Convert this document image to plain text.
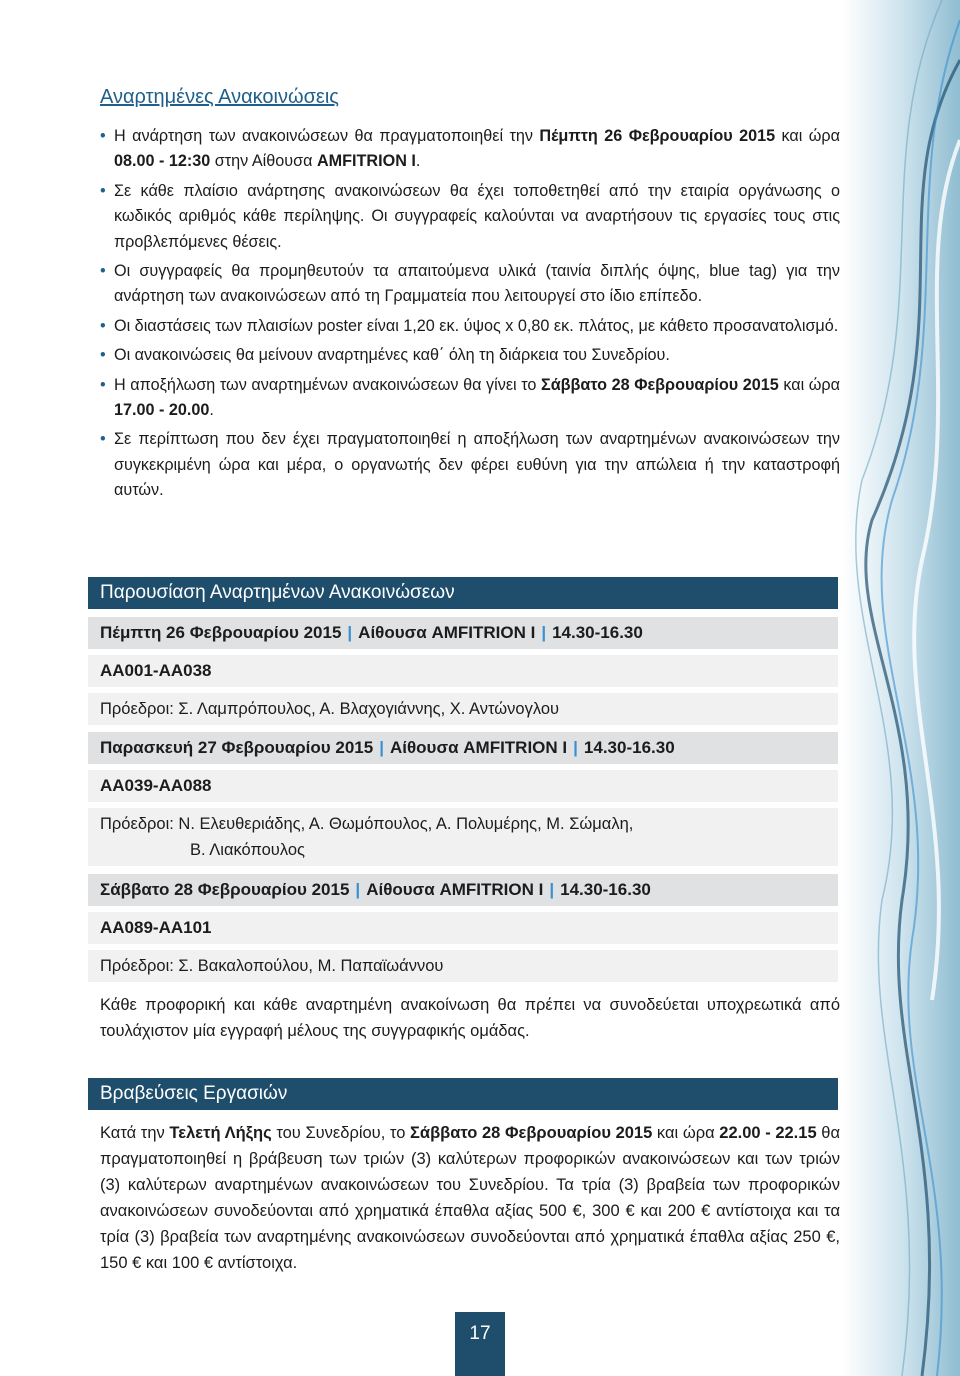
Αναρτημένες Ανακοινώσεις
• Η ανάρτηση των ανακοινώσεων θα πραγματοποιηθεί την Πέμπτη 26 Φεβρουαρίου 2015 και ώρα 08.00 - 12:30 στην Αίθουσα AMFITRION I.
• Σε κάθε πλαίσιο ανάρτησης ανακοινώσεων θα έχει τοποθετηθεί από την εταιρία οργάνωσης ο κωδικός αριθμός κάθε περίληψης. Οι συγγραφείς καλούνται να αναρτήσουν τις εργασίες τους στις προβλεπόμενες θέσεις.
• Οι συγγραφείς θα προμηθευτούν τα απαιτούμενα υλικά (ταινία διπλής όψης, blue tag) για την ανάρτηση των ανακοινώσεων από τη Γραμματεία που λειτουργεί στο ίδιο επίπεδο.
• Οι διαστάσεις των πλαισίων poster είναι 1,20 εκ. ύψος x 0,80 εκ. πλάτος, με κάθετο προσανατολισμό.
• Οι ανακοινώσεις θα μείνουν αναρτημένες καθ΄ όλη τη διάρκεια του Συνεδρίου.
• Η αποξήλωση των αναρτημένων ανακοινώσεων θα γίνει το Σάββατο 28 Φεβρουαρίου 2015 και ώρα 17.00 - 20.00.
• Σε περίπτωση που δεν έχει πραγματοποιηθεί η αποξήλωση των αναρτημένων ανακοινώσεων την συγκεκριμένη ώρα και μέρα, ο οργανωτής δεν φέρει ευθύνη για την απώλεια ή την καταστροφή αυτών.
Παρουσίαση Αναρτημένων Ανακοινώσεων
Πέμπτη 26 Φεβρουαρίου 2015 | Αίθουσα AMFITRION I | 14.30-16.30
ΑΑ001-ΑΑ038
Πρόεδροι: Σ. Λαμπρόπουλος, Α. Βλαχογιάννης, Χ. Αντώνογλου
Παρασκευή 27 Φεβρουαρίου 2015 | Αίθουσα AMFITRION I | 14.30-16.30
ΑΑ039-ΑΑ088
Πρόεδροι: Ν. Ελευθεριάδης, Α. Θωμόπουλος, Α. Πολυμέρης, Μ. Σώμαλη,
Β. Λιακόπουλος
Σάββατο 28 Φεβρουαρίου 2015 | Αίθουσα AMFITRION I | 14.30-16.30
ΑΑ089-ΑΑ101
Πρόεδροι: Σ. Βακαλοπούλου, Μ. Παπαϊωάννου
Κάθε προφορική και κάθε αναρτημένη ανακοίνωση θα πρέπει να συνοδεύεται υποχρεωτικά από τουλάχιστον μία εγγραφή μέλους της συγγραφικής ομάδας.
Βραβεύσεις Εργασιών
Κατά την Τελετή Λήξης του Συνεδρίου, το Σάββατο 28 Φεβρουαρίου 2015 και ώρα 22.00 - 22.15 θα πραγματοποιηθεί η βράβευση των τριών (3) καλύτερων προφορικών ανακοινώσεων και των τριών (3) καλύτερων αναρτημένων ανακοινώσεων του Συνεδρίου. Τα τρία (3) βραβεία των προφορικών ανακοινώσεων συνοδεύονται από χρηματικά έπαθλα αξίας 500 €, 300 € και 200 € αντίστοιχα και τα τρία (3) βραβεία των αναρτημένης ανακοινώσεων συνοδεύονται από χρηματικά έπαθλα αξίας 250 €, 150 € και 100 € αντίστοιχα.
17
